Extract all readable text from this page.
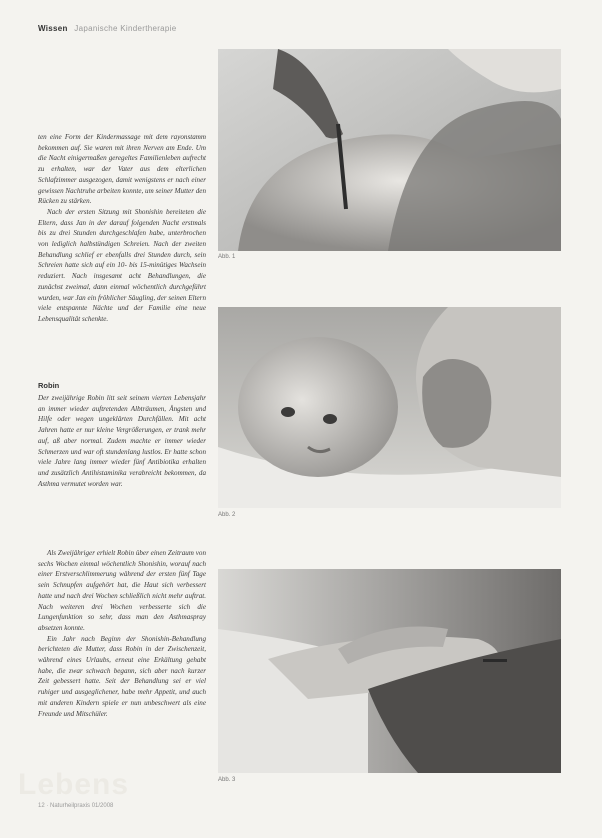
Wissen Japanische Kindertherapie

ten eine Form der Kindermassage mit dem rayonstamm bekommen auf. Sie waren mit ihren Nerven am Ende. Um die Nacht einigermaßen geregeltes Familienleben aufrecht zu erhalten, war der Vater aus dem elterlichen Schlafzimmer ausgezogen, damit wenigstens er nach einer gewissen Nachtruhe arbeiten konnte, um seiner Mutter den Rücken zu stärken.

Nach der ersten Sitzung mit Shonishin bereiteten die Eltern, dass Jan in der darauf folgenden Nacht erstmals bis zu drei Stunden durchgeschlafen habe, unterbrochen von lediglich halbstündigen Schreien. Nach der zweiten Behandlung schlief er ebenfalls drei Stunden durch, sein Schreien hatte sich auf ein 10- bis 15-minütiges Wachsein reduziert. Nach insgesamt acht Behandlungen, die zunächst zweimal, dann einmal wöchentlich durchgeführt wurden, war Jan ein fröhlicher Säugling, der seinen Eltern viele entspannte Nächte und der Familie eine neue Lebensqualität schenkte.

Robin

Der zweijährige Robin litt seit seinem vierten Lebensjahr an immer wieder auftretenden Albträumen, Ängsten und Hilfe oder wegen ungeklärten Durchfällen. Mit acht Jahren hatte er nur kleine Vergrößerungen, er trank mehr auf, aß aber normal. Zudem machte er immer wieder Schmerzen und war oft stundenlang lustlos. Er hatte schon viele Jahre lang immer wieder fünf Antibiotika erhalten und zusätzlich Antihistaminika verabreicht bekommen, da Asthma vermutet worden war.

Als Zweijähriger erhielt Robin über einen Zeitraum von sechs Wochen einmal wöchentlich Shonishin, worauf nach einer Erstverschlimmerung während der ersten fünf Tage sein Schnupfen aufgehört hat, die Haut sich verbessert hatte und nach drei Wochen schließlich nicht mehr auftrat. Nach weiteren drei Wochen verbesserte sich die Lungenfunktion so sehr, dass man den Asthmaspray absetzen konnte.

Ein Jahr nach Beginn der Shonishin-Behandlung berichteten die Mutter, dass Robin in der Zwischenzeit, während eines Urlaubs, erneut eine Erkältung gehabt habe, die zwar schwach begann, sich aber nach kurzer Zeit gebessert hatte. Seit der Behandlung sei er viel ruhiger und ausgeglichener, habe mehr Appetit, und auch mit anderen Kindern spiele er nun unbeschwert als eine Freunde und Mitschüler.

Abb. 1
Abb. 2
Abb. 3
Lebens
12 · Naturheilpraxis 01/2008
